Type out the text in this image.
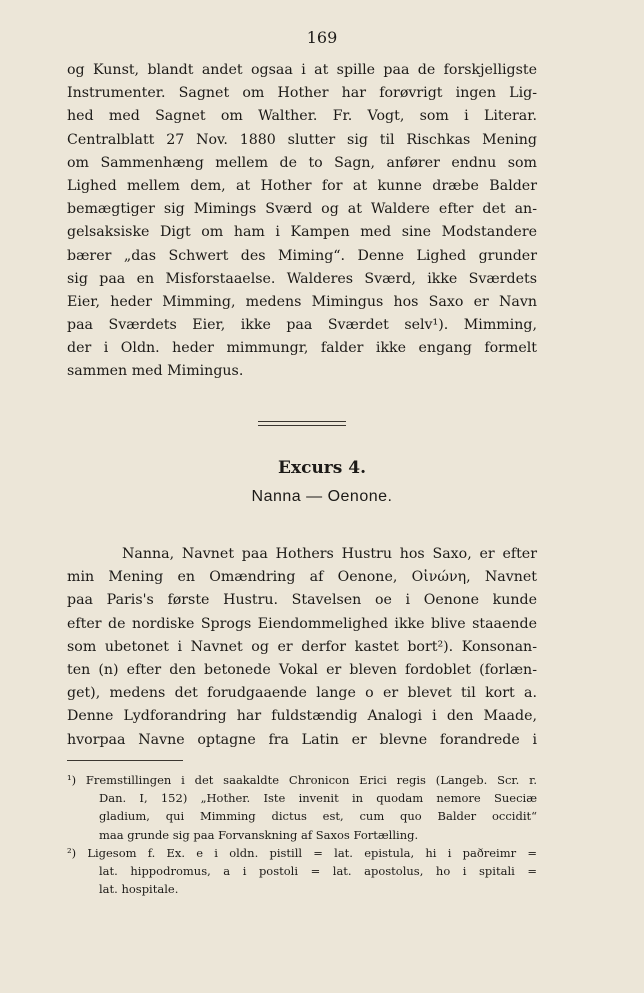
169
og Kunst, blandt andet ogsaa i at spille paa de forskjelligste
Instrumenter. Sagnet om Hother har forøvrigt ingen Lig-
hed med Sagnet om Walther. Fr. Vogt, som i Literar.
Centralblatt 27 Nov. 1880 slutter sig til Rischkas Mening
om Sammenhæng mellem de to Sagn, anfører endnu som
Lighed mellem dem, at Hother for at kunne dræbe Balder
bemægtiger sig Mimings Sværd og at Waldere efter det an-
gelsaksiske Digt om ham i Kampen med sine Modstandere
bærer „das Schwert des Miming“. Denne Lighed grunder
sig paa en Misforstaaelse. Walderes Sværd, ikke Sværdets
Eier, heder Mimming, medens Mimingus hos Saxo er Navn
paa Sværdets Eier, ikke paa Sværdet selv¹). Mimming,
der i Oldn. heder mimmungr, falder ikke engang formelt
sammen med Mimingus.
Excurs 4.
Nanna — Oenone.
Nanna, Navnet paa Hothers Hustru hos Saxo, er efter
min Mening en Omændring af Oenone, Οἰνώνη, Navnet
paa Paris's første Hustru. Stavelsen oe i Oenone kunde
efter de nordiske Sprogs Eiendommelighed ikke blive staaende
som ubetonet i Navnet og er derfor kastet bort²). Konsonan-
ten (n) efter den betonede Vokal er bleven fordoblet (forlæn-
get), medens det forudgaaende lange o er blevet til kort a.
Denne Lydforandring har fuldstændig Analogi i den Maade,
hvorpaa Navne optagne fra Latin er blevne forandrede i
¹) Fremstillingen i det saakaldte Chronicon Erici regis (Langeb. Scr. r.
Dan. I, 152) „Hother. Iste invenit in quodam nemore Sueciæ
gladium, qui Mimming dictus est, cum quo Balder occidit“
maa grunde sig paa Forvanskning af Saxos Fortælling.
²) Ligesom f. Ex. e i oldn. pistill = lat. epistula, hi i paðreimr =
lat. hippodromus, a i postoli = lat. apostolus, ho i spitali =
lat. hospitale.
